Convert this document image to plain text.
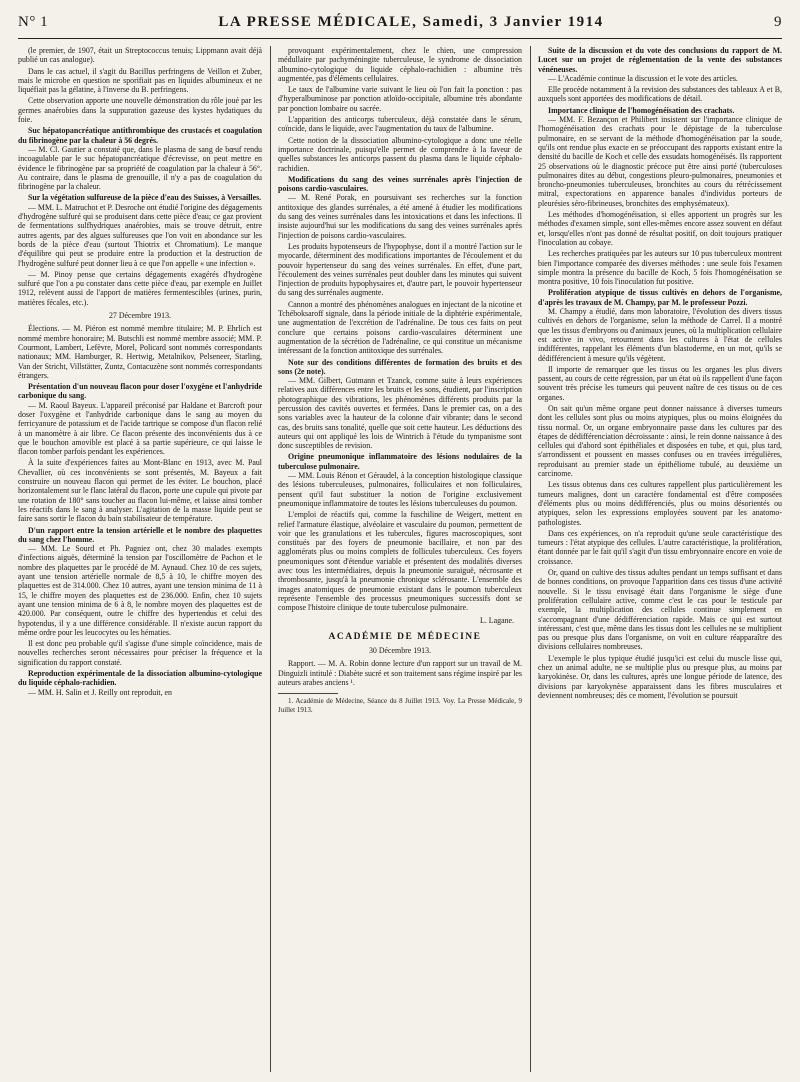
N° 1	LA PRESSE MÉDICALE, Samedi, 3 Janvier 1914	9

(le premier, de 1907, était un Streptococcus tenuis; Lippmann avait déjà publié un cas analogue).

Dans le cas actuel, il s'agit du Bacillus perfringens de Veillon et Zuber, mais le microbe en question ne sporifiait pas en liquides albumineux et ne liquéfiait pas la gélatine, à l'inverse du B. perfringens.

Cette observation apporte une nouvelle démonstration du rôle joué par les germes anaérobies dans la suppuration gazeuse des kystes hydatiques du foie.

Suc hépatopancréatique antithrombique des crustacés et coagulation du fibrinogène par la chaleur à 56 degrés.

— M. Cl. Gautier a constaté que, dans le plasma de sang de bœuf rendu incoagulable par le suc hépatopancréatique d'écrevisse, on peut mettre en évidence le fibrinogène par sa propriété de coagulation par la chaleur à 56°. Au contraire, dans le plasma de grenouille, il n'y a pas de coagulation du fibrinogène par la chaleur.

Sur la végétation sulfureuse de la pièce d'eau des Suisses, à Versailles.

— MM. L. Matruchot et P. Desroche ont étudié l'origine des dégagements d'hydrogène sulfuré qui se produisent dans cette pièce d'eau; ce gaz provient de fermentations sulfhydriques anaérobies, mais se trouve détruit, entre autres agents, par des algues sulfureuses que l'on voit en abondance sur les bords de la pièce d'eau (surtout Thiotrix et Chromatium). Le manque d'équilibre qui peut se produire entre la production et la destruction de l'hydrogène sulfuré peut donner lieu à ce que l'on appelle « une infection ».

— M. Pinoy pense que certains dégagements exagérés d'hydrogène sulfuré que l'on a pu constater dans cette pièce d'eau, par exemple en Juillet 1912, relèvent aussi de l'apport de matières fermentescibles (urines, purin, matières fécales, etc.).

27 Décembre 1913.

Élections. — M. Piéron est nommé membre titulaire; M. P. Ehrlich est nommé membre honoraire; M. Butschli est nommé membre associé; MM. P. Courmont, Lambert, Lefèvre, Morel, Policard sont nommés correspondants nationaux; MM. Hamburger, R. Hertwig, Metalnikov, Pelseneer, Starling, Van der Stricht, Villstätter, Zuntz, Contacuzène sont nommés correspondants étrangers.

Présentation d'un nouveau flacon pour doser l'oxygène et l'anhydride carbonique du sang.

— M. Raoul Bayeux. L'appareil préconisé par Haldane et Barcroft pour doser l'oxygène et l'anhydride carbonique dans le sang au moyen du ferricyanure de potassium et de l'acide tartrique se compose d'un flacon relié à un manomètre à air libre. Ce flacon présente des inconvénients dus à ce que le bouchon amovible est placé à sa partie supérieure, ce qui laisse le flacon tomber parfois pendant les expériences.

À la suite d'expériences faites au Mont-Blanc en 1913, avec M. Paul Chevallier, où ces inconvénients se sont présentés, M. Bayeux a fait construire un nouveau flacon qui permet de les éviter. Le bouchon, placé horizontalement sur le flanc latéral du flacon, porte une cupule qui pivote par une rotation de 180° sans toucher au flacon lui-même, et laisse ainsi tomber les réactifs dans le sang à analyser. L'agitation de la masse liquide peut se faire sans sortir le flacon du bain stabilisateur de température.

D'un rapport entre la tension artérielle et le nombre des plaquettes du sang chez l'homme.

— MM. Le Sourd et Ph. Pagniez ont, chez 30 malades exempts d'infections aiguës, déterminé la tension par l'oscillomètre de Pachon et le nombre des plaquettes par le procédé de M. Aynaud. Chez 10 de ces sujets, ayant une tension artérielle normale de 8,5 à 10, le chiffre moyen des plaquettes est de 314.000. Chez 10 autres, ayant une tension minima de 11 à 15, le chiffre moyen des plaquettes est de 236.000. Enfin, chez 10 sujets ayant une tension minima de 6 à 8, le nombre moyen des plaquettes est de 420.000. Par conséquent, outre le chiffre des hypertendus et celui des hypotendus, il y a une différence considérable. Il n'existe aucun rapport du même ordre pour les leucocytes ou les hématies.

Il est donc peu probable qu'il s'agisse d'une simple coïncidence, mais de nouvelles recherches seront nécessaires pour préciser la fréquence et la signification du rapport constaté.

Reproduction expérimentale de la dissociation albumino-cytologique du liquide céphalo-rachidien.

— MM. H. Salin et J. Reilly ont reproduit, en

provoquant expérimentalement, chez le chien, une compression médullaire par pachyméningite tuberculeuse, le syndrome de dissociation albumino-cytologique du liquide céphalo-rachidien : albumine très augmentée, pas d'éléments cellulaires.

Le taux de l'albumine varie suivant le lieu où l'on fait la ponction : pas d'hyperalbuminose par ponction atloïdo-occipitale, albumine très abondante par ponction lombaire ou sacrée.

L'apparition des anticorps tuberculeux, déjà constatée dans le sérum, coïncide, dans le liquide, avec l'augmentation du taux de l'albumine.

Cette notion de la dissociation albumino-cytologique a donc une réelle importance doctrinale, puisqu'elle permet de comprendre à la faveur de quelles substances les anticorps passent du plasma dans le liquide céphalo-rachidien.

Modifications du sang des veines surrénales après l'injection de poisons cardio-vasculaires.

— M. René Porak, en poursuivant ses recherches sur la fonction antitoxique des glandes surrénales, a été amené à étudier les modifications du sang des veines surrénales dans les intoxications et dans les infections. Il insiste aujourd'hui sur les modifications du sang des veines surrénales après l'injection de poisons cardio-vasculaires.

Les produits hypotenseurs de l'hypophyse, dont il a montré l'action sur le myocarde, déterminent des modifications importantes de l'écoulement et du pouvoir hypertenseur du sang des veines surrénales. En effet, d'une part, l'écoulement des veines surrénales peut doubler dans les minutes qui suivent l'injection de produits hypophysaires et, d'autre part, le pouvoir hypertenseur du sang des surrénales augmente.

Cannon a montré des phénomènes analogues en injectant de la nicotine et Tchéboksaroff signale, dans la période initiale de la diphtérie expérimentale, une augmentation de l'excrétion de l'adrénaline. De tous ces faits on peut conclure que certains poisons cardio-vasculaires déterminent une augmentation de la sécrétion de l'adrénaline, ce qui constitue un mécanisme intéressant de la fonction antitoxique des surrénales.

Note sur des conditions différentes de formation des bruits et des sons (2e note).

— MM. Gilbert, Gutmann et Tzanck, comme suite à leurs expériences relatives aux différences entre les bruits et les sons, étudient, par l'inscription photographique des vibrations, les phénomènes différents produits par la percussion des cavités ouvertes et fermées. Dans le premier cas, on a des sons variables avec la hauteur de la colonne d'air vibrante; dans le second cas, des bruits sans tonalité, quelle que soit cette hauteur. Les déductions des auteurs qui ont appliqué les lois de Wintrich à l'étude du tympanisme sont donc susceptibles de revision.

Origine pneumonique inflammatoire des lésions nodulaires de la tuberculose pulmonaire.

— MM. Louis Rénon et Géraudel, à la conception histologique classique des lésions tuberculeuses, pulmonaires, folliculaires et non folliculaires, pensent qu'il faut substituer la notion de l'origine exclusivement pneumonique inflammatoire de toutes les lésions tuberculeuses du poumon.

L'emploi de réactifs qui, comme la fuschiline de Weigert, mettent en relief l'armature élastique, alvéolaire et vasculaire du poumon, permettent de voir que les granulations et les tubercules, figures macroscopiques, sont constitués par des foyers de pneumonie bacillaire, et non par des agglomérats plus ou moins complets de follicules tuberculeux. Ces foyers pneumoniques sont d'étendue variable et présentent des modalités diverses avec tous les intermédiaires, depuis la pneumonie suraiguë, nécrosante et thrombosante, jusqu'à la pneumonie chronique sclérosante. L'ensemble des images anatomiques de pneumonie existant dans le poumon tuberculeux représente l'ensemble des processus pneumoniques successifs dont se compose l'histoire clinique de toute tuberculose pulmonaire.

L. Lagane.

ACADÉMIE DE MÉDECINE

30 Décembre 1913.

Rapport. — M. A. Robin donne lecture d'un rapport sur un travail de M. Dinguizli intitulé : Diabète sucré et son traitement sans régime inspiré par les auteurs arabes anciens ¹.

1. Académie de Médecine, Séance du 8 Juillet 1913. Voy. La Presse Médicale, 9 Juillet 1913.

Suite de la discussion et du vote des conclusions du rapport de M. Lucet sur un projet de réglementation de la vente des substances vénéneuses.

— L'Académie continue la discussion et le vote des articles.

Elle procède notamment à la revision des substances des tableaux A et B, auxquels sont apportées des modifications de détail.

Importance clinique de l'homogénéisation des crachats.

— MM. F. Bezançon et Philibert insistent sur l'importance clinique de l'homogénéisation des crachats pour le dépistage de la tuberculose pulmonaire, en se servant de la méthode d'homogénéisation par la soude, qu'ils ont rendue plus exacte en se préoccupant des rapports existant entre la densité du bacille de Koch et celle des exsudats homogénéisés. Ils rapportent 25 observations où le diagnostic précoce put être ainsi porté (tuberculoses pulmonaires dites au début, congestions pleuro-pulmonaires, pneumonies et broncho-pneumonies tuberculeuses, bronchites au cours du rétrécissement mitral, expectorations en apparence banales d'individus porteurs de pleurésies séro-fibrineuses, bronchites des emphysémateux).

Les méthodes d'homogénéisation, si elles apportent un progrès sur les méthodes d'examen simple, sont elles-mêmes encore assez souvent en défaut et, lorsqu'elles n'ont pas donné de résultat positif, on doit toujours pratiquer l'inoculation au cobaye.

Les recherches pratiquées par les auteurs sur 10 pus tuberculeux montrent bien l'importance comparée des diverses méthodes : une seule fois l'examen simple montra la présence du bacille de Koch, 5 fois l'homogénéisation se montra positive, 10 fois l'inoculation fut positive.

Prolifération atypique de tissus cultivés en dehors de l'organisme, d'après les travaux de M. Champy, par M. le professeur Pozzi.

M. Champy a étudié, dans mon laboratoire, l'évolution des divers tissus cultivés en dehors de l'organisme, selon la méthode de Carrel. Il a montré que les tissus d'embryons ou d'animaux jeunes, où la multiplication cellulaire est active in vivo, retournent dans les cultures à l'état de cellules indifférentes, rappelant les éléments d'un blastoderme, en un mot, qu'ils se dédifférencient à mesure qu'ils végètent.

Il importe de remarquer que les tissus ou les organes les plus divers passent, au cours de cette régression, par un état où ils rappellent d'une façon souvent très précise les tumeurs qui peuvent naître de ces tissus ou de ces organes.

On sait qu'un même organe peut donner naissance à diverses tumeurs dont les cellules sont plus ou moins atypiques, plus ou moins éloignées du tissu normal. Or, un organe embryonnaire passe dans les cultures par des étapes de dédifférenciation décroissante : ainsi, le rein donne naissance à des cellules qui d'abord sont épithéliales et disposées en tube, et qui, plus tard, s'arrondissent et poussent en masses confuses ou en travées irrégulières, reproduisant au premier stade un épithéliome tubulé, au deuxième un carcinome.

Les tissus obtenus dans ces cultures rappellent plus particulièrement les tumeurs malignes, dont un caractère fondamental est d'être composées d'éléments plus ou moins dédifférenciés, plus ou moins désorientés ou atypiques, selon les expressions employées souvent par les anatomo-pathologistes.

Dans ces expériences, on n'a reproduit qu'une seule caractéristique des tumeurs : l'état atypique des cellules. L'autre caractéristique, la prolifération, étant donnée par le fait qu'il s'agit d'un tissu embryonnaire encore en voie de croissance.

Or, quand on cultive des tissus adultes pendant un temps suffisant et dans de bonnes conditions, on provoque l'apparition dans ces tissus d'une activité nouvelle. Si le tissu envisagé était dans l'organisme le siège d'une prolifération cellulaire active, comme c'est le cas pour le testicule par exemple, la multiplication des cellules continue simplement en s'accompagnant d'une dédifférenciation rapide. Mais ce qui est surtout intéressant, c'est que, même dans les tissus dont les cellules ne se multiplient pas ou presque plus dans l'organisme, on voit en culture réapparaître des divisions cellulaires nombreuses.

L'exemple le plus typique étudié jusqu'ici est celui du muscle lisse qui, chez un animal adulte, ne se multiplie plus ou presque plus, au moins par karyokinèse. Or, dans les cultures, après une longue période de latence, des divisions par karyokynèse apparaissent dans les fibres musculaires et deviennent nombreuses; dès ce moment, l'évolution se poursuit
